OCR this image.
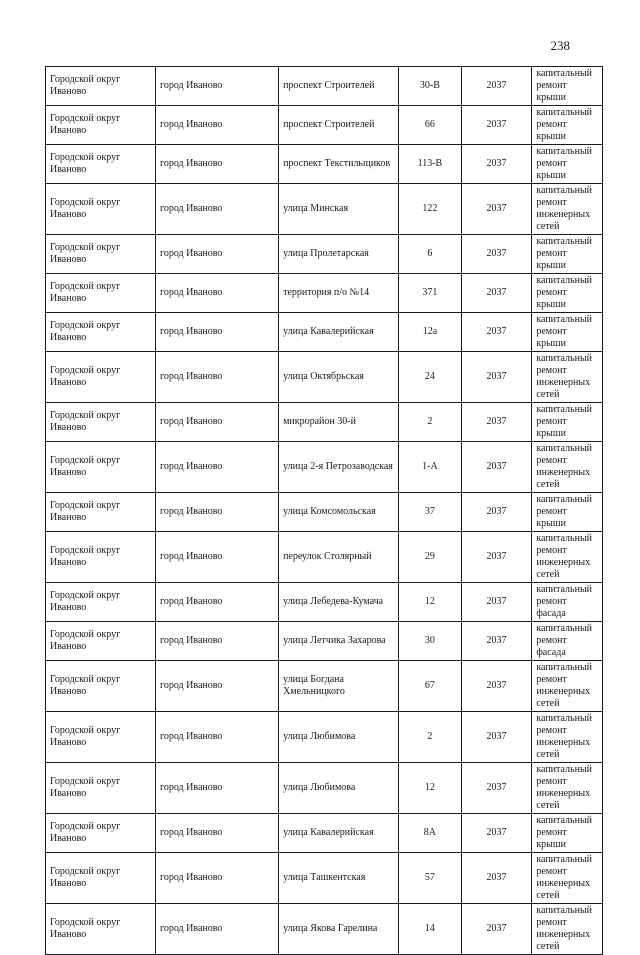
238
Городской округ Иваново	город Иваново	проспект Строителей	30-В	2037	капитальный ремонт крыши
Городской округ Иваново	город Иваново	проспект Строителей	66	2037	капитальный ремонт крыши
Городской округ Иваново	город Иваново	проспект Текстильщиков	113-В	2037	капитальный ремонт крыши
Городской округ Иваново	город Иваново	улица Минская	122	2037	капитальный ремонт инженерных сетей
Городской округ Иваново	город Иваново	улица Пролетарская	6	2037	капитальный ремонт крыши
Городской округ Иваново	город Иваново	территория п/о №14	371	2037	капитальный ремонт крыши
Городской округ Иваново	город Иваново	улица Кавалерийская	12а	2037	капитальный ремонт крыши
Городской округ Иваново	город Иваново	улица Октябрьская	24	2037	капитальный ремонт инженерных сетей
Городской округ Иваново	город Иваново	микрорайон 30-й	2	2037	капитальный ремонт крыши
Городской округ Иваново	город Иваново	улица 2-я Петрозаводская	1-А	2037	капитальный ремонт инженерных сетей
Городской округ Иваново	город Иваново	улица Комсомольская	37	2037	капитальный ремонт крыши
Городской округ Иваново	город Иваново	переулок Столярный	29	2037	капитальный ремонт инженерных сетей
Городской округ Иваново	город Иваново	улица Лебедева-Кумача	12	2037	капитальный ремонт фасада
Городской округ Иваново	город Иваново	улица Летчика Захарова	30	2037	капитальный ремонт фасада
Городской округ Иваново	город Иваново	улица Богдана Хмельницкого	67	2037	капитальный ремонт инженерных сетей
Городской округ Иваново	город Иваново	улица Любимова	2	2037	капитальный ремонт инженерных сетей
Городской округ Иваново	город Иваново	улица Любимова	12	2037	капитальный ремонт инженерных сетей
Городской округ Иваново	город Иваново	улица Кавалерийская	8А	2037	капитальный ремонт крыши
Городской округ Иваново	город Иваново	улица Ташкентская	57	2037	капитальный ремонт инженерных сетей
Городской округ Иваново	город Иваново	улица Якова Гарелина	14	2037	капитальный ремонт инженерных сетей
